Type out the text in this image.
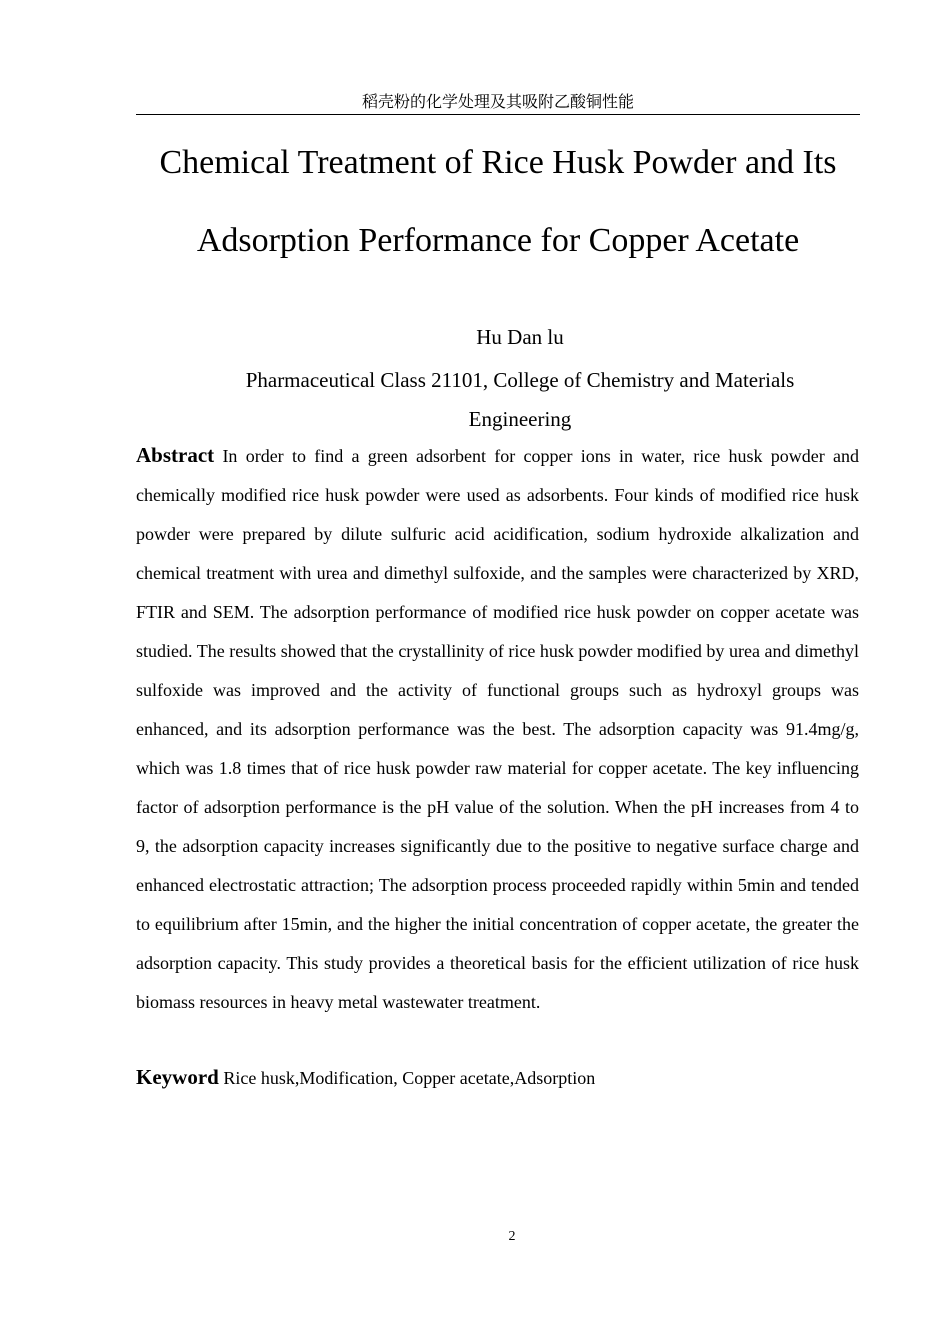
稻壳粉的化学处理及其吸附乙酸铜性能
Chemical Treatment of Rice Husk Powder and Its
Adsorption Performance for Copper Acetate
Hu Dan lu
Pharmaceutical Class 21101, College of Chemistry and Materials Engineering

Abstract In order to find a green adsorbent for copper ions in water, rice husk powder and chemically modified rice husk powder were used as adsorbents. Four kinds of modified rice husk powder were prepared by dilute sulfuric acid acidification, sodium hydroxide alkalization and chemical treatment with urea and dimethyl sulfoxide, and the samples were characterized by XRD, FTIR and SEM. The adsorption performance of modified rice husk powder on copper acetate was studied. The results showed that the crystallinity of rice husk powder modified by urea and dimethyl sulfoxide was improved and the activity of functional groups such as hydroxyl groups was enhanced, and its adsorption performance was the best. The adsorption capacity was 91.4mg/g, which was 1.8 times that of rice husk powder raw material for copper acetate. The key influencing factor of adsorption performance is the pH value of the solution. When the pH increases from 4 to 9, the adsorption capacity increases significantly due to the positive to negative surface charge and enhanced electrostatic attraction; The adsorption process proceeded rapidly within 5min and tended to equilibrium after 15min, and the higher the initial concentration of copper acetate, the greater the adsorption capacity. This study provides a theoretical basis for the efficient utilization of rice husk biomass resources in heavy metal wastewater treatment.

Keyword Rice husk,Modification, Copper acetate,Adsorption

2
